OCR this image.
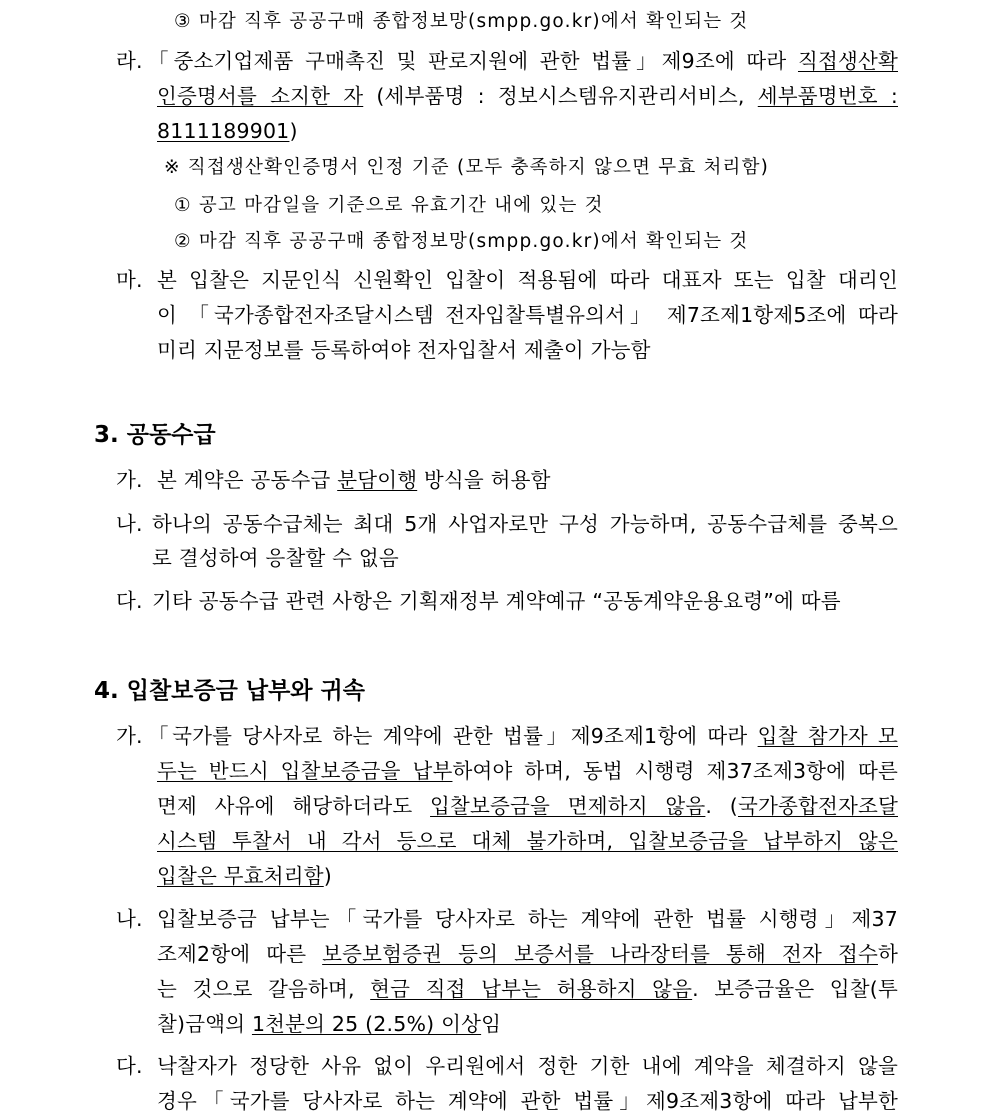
③ 마감 직후 공공구매 종합정보망(smpp.go.kr)에서 확인되는 것
라. 「중소기업제품 구매촉진 및 판로지원에 관한 법률」제9조에 따라 직접생산확
인증명서를 소지한 자 (세부품명 : 정보시스템유지관리서비스, 세부품명번호 :
8111189901)
※ 직접생산확인증명서 인정 기준 (모두 충족하지 않으면 무효 처리함)
① 공고 마감일을 기준으로 유효기간 내에 있는 것
② 마감 직후 공공구매 종합정보망(smpp.go.kr)에서 확인되는 것
마. 본 입찰은 지문인식 신원확인 입찰이 적용됨에 따라 대표자 또는 입찰 대리인
이 「국가종합전자조달시스템 전자입찰특별유의서」 제7조제1항제5조에 따라
미리 지문정보를 등록하여야 전자입찰서 제출이 가능함
3. 공동수급
가. 본 계약은 공동수급 분담이행 방식을 허용함
나. 하나의 공동수급체는 최대 5개 사업자로만 구성 가능하며, 공동수급체를 중복으
로 결성하여 응찰할 수 없음
다. 기타 공동수급 관련 사항은 기획재정부 계약예규 “공동계약운용요령”에 따름
4. 입찰보증금 납부와 귀속
가. 「국가를 당사자로 하는 계약에 관한 법률」제9조제1항에 따라 입찰 참가자 모
두는 반드시 입찰보증금을 납부하여야 하며, 동법 시행령 제37조제3항에 따른
면제 사유에 해당하더라도 입찰보증금을 면제하지 않음. (국가종합전자조달
시스템 투찰서 내 각서 등으로 대체 불가하며, 입찰보증금을 납부하지 않은
입찰은 무효처리함)
나. 입찰보증금 납부는「국가를 당사자로 하는 계약에 관한 법률 시행령」제37
조제2항에 따른 보증보험증권 등의 보증서를 나라장터를 통해 전자 접수하
는 것으로 갈음하며, 현금 직접 납부는 허용하지 않음. 보증금율은 입찰(투
찰)금액의 1천분의 25 (2.5%) 이상임
다. 낙찰자가 정당한 사유 없이 우리원에서 정한 기한 내에 계약을 체결하지 않을
경우「국가를 당사자로 하는 계약에 관한 법률」제9조제3항에 따라 납부한
